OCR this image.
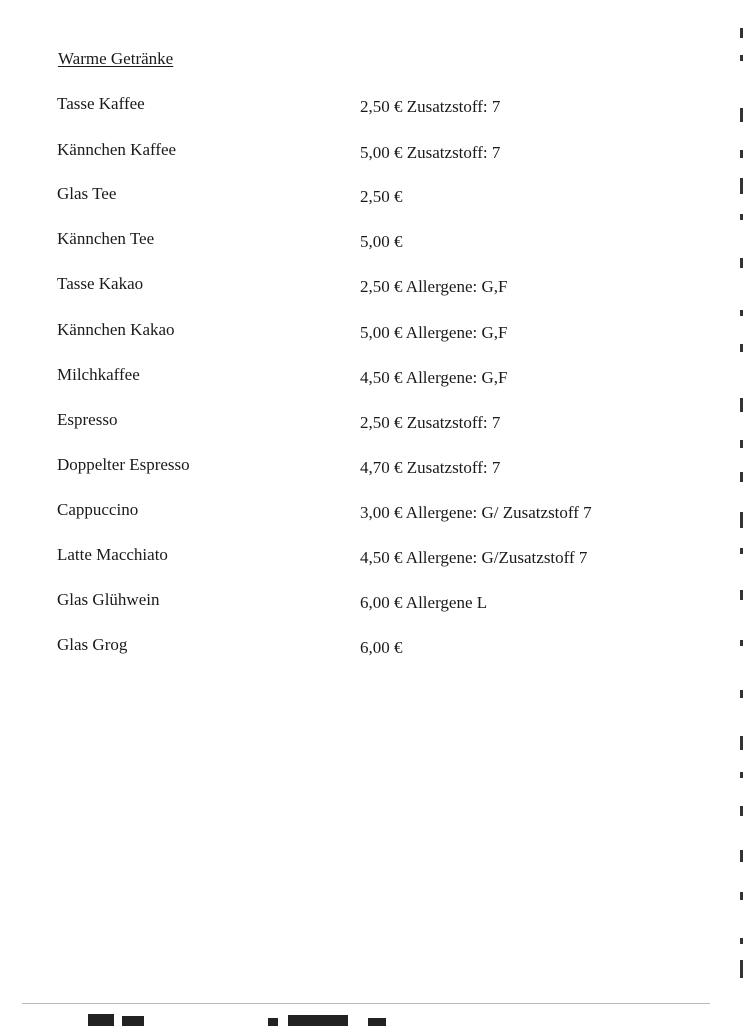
Warme Getränke
Tasse Kaffee	2,50 € Zusatzstoff: 7
Kännchen Kaffee	5,00 € Zusatzstoff: 7
Glas Tee	2,50 €
Kännchen Tee	5,00 €
Tasse Kakao	2,50 € Allergene: G,F
Kännchen Kakao	5,00 € Allergene: G,F
Milchkaffee	4,50 € Allergene: G,F
Espresso	2,50 € Zusatzstoff: 7
Doppelter Espresso	4,70 € Zusatzstoff: 7
Cappuccino	3,00 € Allergene: G/ Zusatzstoff 7
Latte Macchiato	4,50 € Allergene: G/Zusatzstoff 7
Glas Glühwein	6,00 € Allergene L
Glas Grog	6,00 €
